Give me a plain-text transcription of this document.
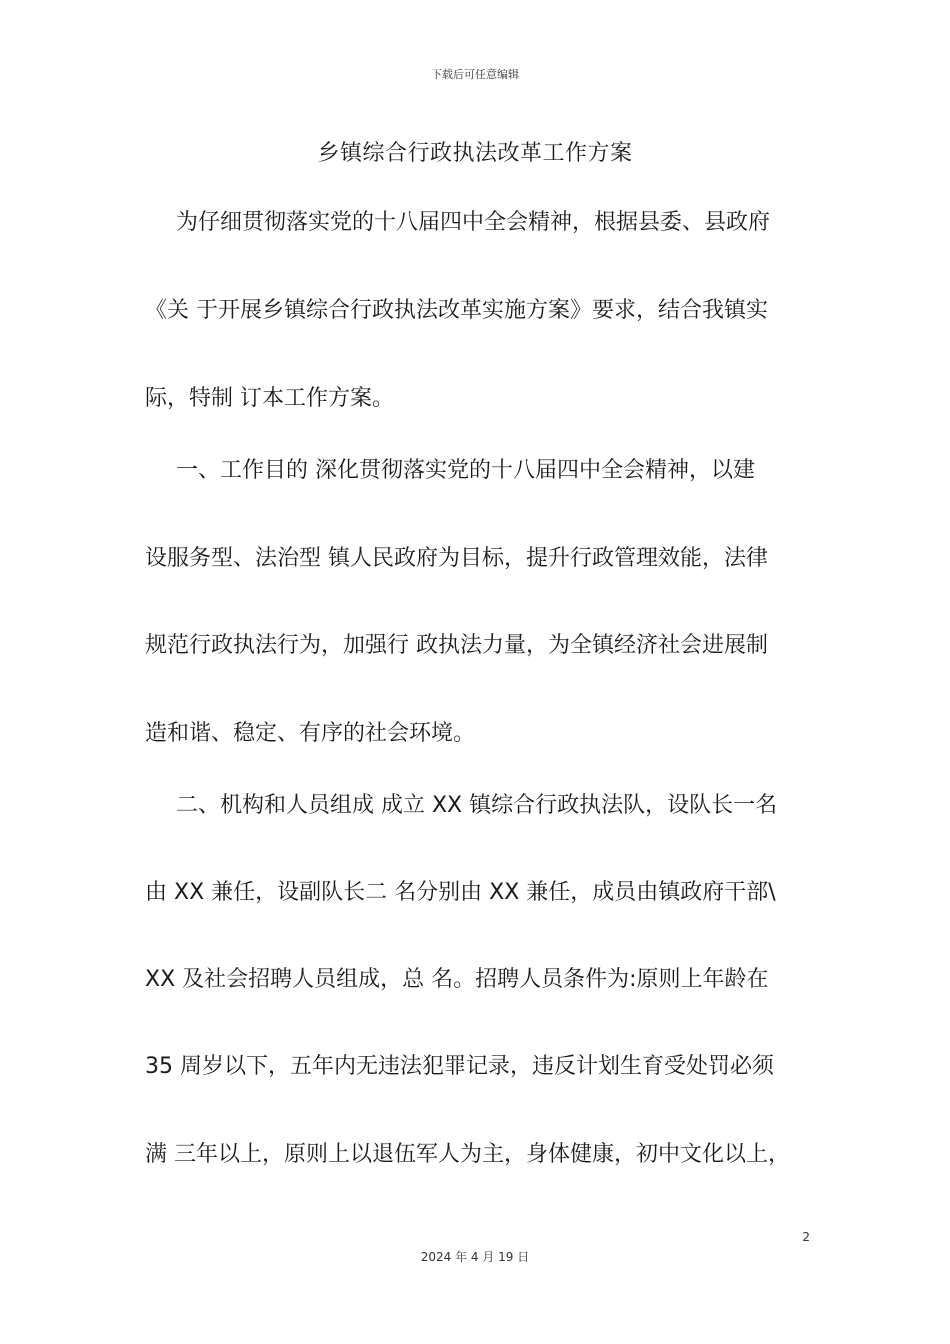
下载后可任意编辑
乡镇综合行政执法改革工作方案
为仔细贯彻落实党的十八届四中全会精神，根据县委、县政府
《关 于开展乡镇综合行政执法改革实施方案》要求，结合我镇实
际，特制 订本工作方案。
一、工作目的 深化贯彻落实党的十八届四中全会精神，以建
设服务型、法治型 镇人民政府为目标，提升行政管理效能，法律
规范行政执法行为，加强行 政执法力量，为全镇经济社会进展制
造和谐、稳定、有序的社会环境。
二、机构和人员组成 成立 XX 镇综合行政执法队，设队长一名
由 XX 兼任，设副队长二 名分别由 XX 兼任，成员由镇政府干部\
XX 及社会招聘人员组成，总 名。招聘人员条件为:原则上年龄在
35 周岁以下，五年内无违法犯罪记录，违反计划生育受处罚必须
满 三年以上，原则上以退伍军人为主，身体健康，初中文化以上，
2
2024 年 4 月 19 日
